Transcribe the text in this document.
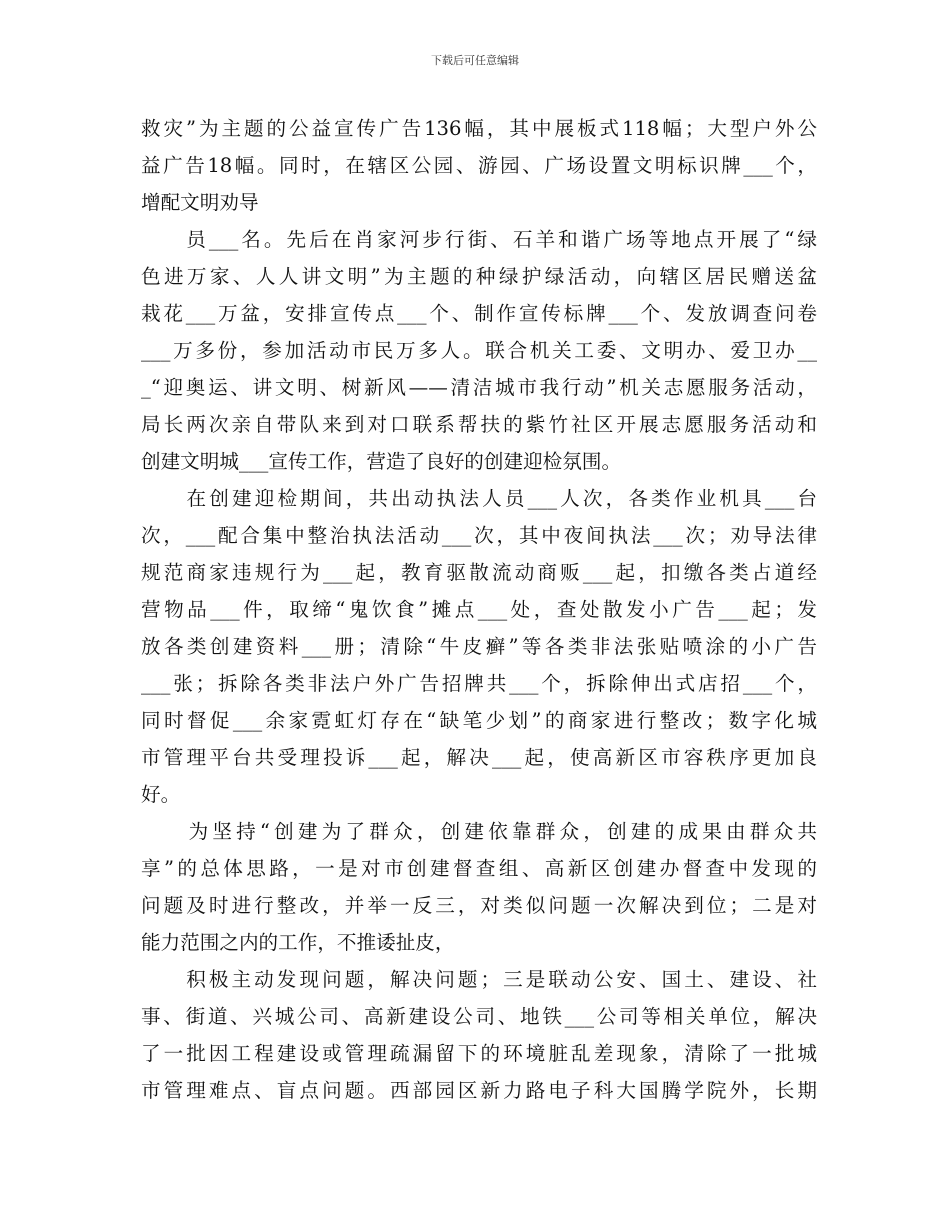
下载后可任意编辑
救灾”为主题的公益宣传广告136幅，其中展板式118幅；大型户外公
益广告18幅。同时，在辖区公园、游园、广场设置文明标识牌___个，
增配文明劝导
　　员___名。先后在肖家河步行街、石羊和谐广场等地点开展了“绿
色进万家、人人讲文明”为主题的种绿护绿活动，向辖区居民赠送盆
栽花___万盆，安排宣传点___个、制作宣传标牌___个、发放调查问卷
___万多份，参加活动市民万多人。联合机关工委、文明办、爱卫办__
_“迎奥运、讲文明、树新风——清洁城市我行动”机关志愿服务活动，
局长两次亲自带队来到对口联系帮扶的紫竹社区开展志愿服务活动和
创建文明城___宣传工作，营造了良好的创建迎检氛围。
　　在创建迎检期间，共出动执法人员___人次，各类作业机具___台
次，___配合集中整治执法活动___次，其中夜间执法___次；劝导法律
规范商家违规行为___起，教育驱散流动商贩___起，扣缴各类占道经
营物品___件，取缔“鬼饮食”摊点___处，查处散发小广告___起；发
放各类创建资料___册；清除“牛皮癣”等各类非法张贴喷涂的小广告
___张；拆除各类非法户外广告招牌共___个，拆除伸出式店招___个，
同时督促___余家霓虹灯存在“缺笔少划”的商家进行整改；数字化城
市管理平台共受理投诉___起，解决___起，使高新区市容秩序更加良
好。
　　为坚持“创建为了群众，创建依靠群众，创建的成果由群众共
享”的总体思路，一是对市创建督查组、高新区创建办督查中发现的
问题及时进行整改，并举一反三，对类似问题一次解决到位；二是对
能力范围之内的工作，不推诿扯皮，
　　积极主动发现问题，解决问题；三是联动公安、国土、建设、社
事、街道、兴城公司、高新建设公司、地铁___公司等相关单位，解决
了一批因工程建设或管理疏漏留下的环境脏乱差现象，清除了一批城
市管理难点、盲点问题。西部园区新力路电子科大国腾学院外，长期
